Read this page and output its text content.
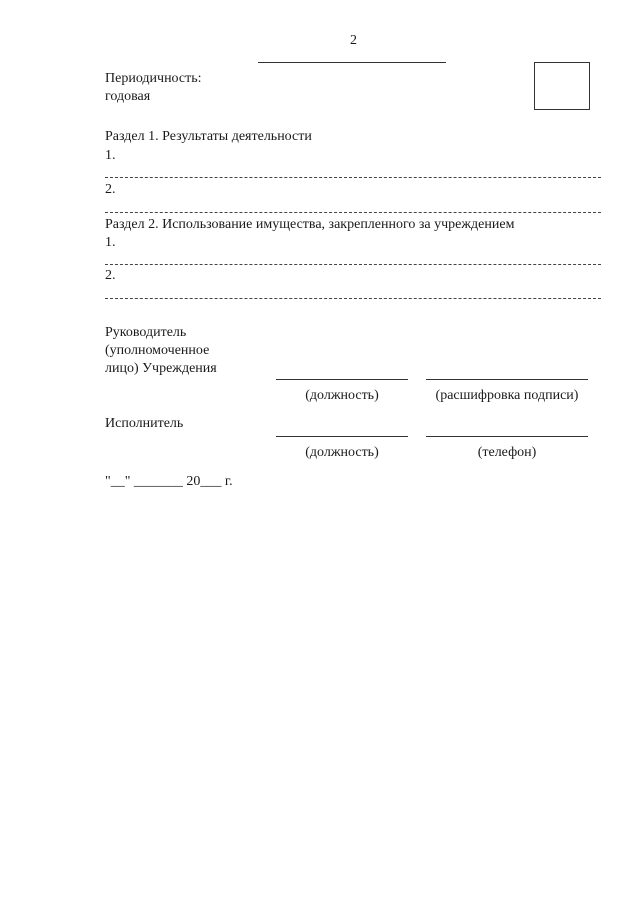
2
Периодичность:
годовая
Раздел 1. Результаты деятельности
1.
2.
Раздел 2. Использование имущества, закрепленного за учреждением
1.
2.
Руководитель
(уполномоченное
лицо) Учреждения
(должность)	(расшифровка подписи)
Исполнитель
(должность)	(телефон)
"__" _______ 20___ г.
